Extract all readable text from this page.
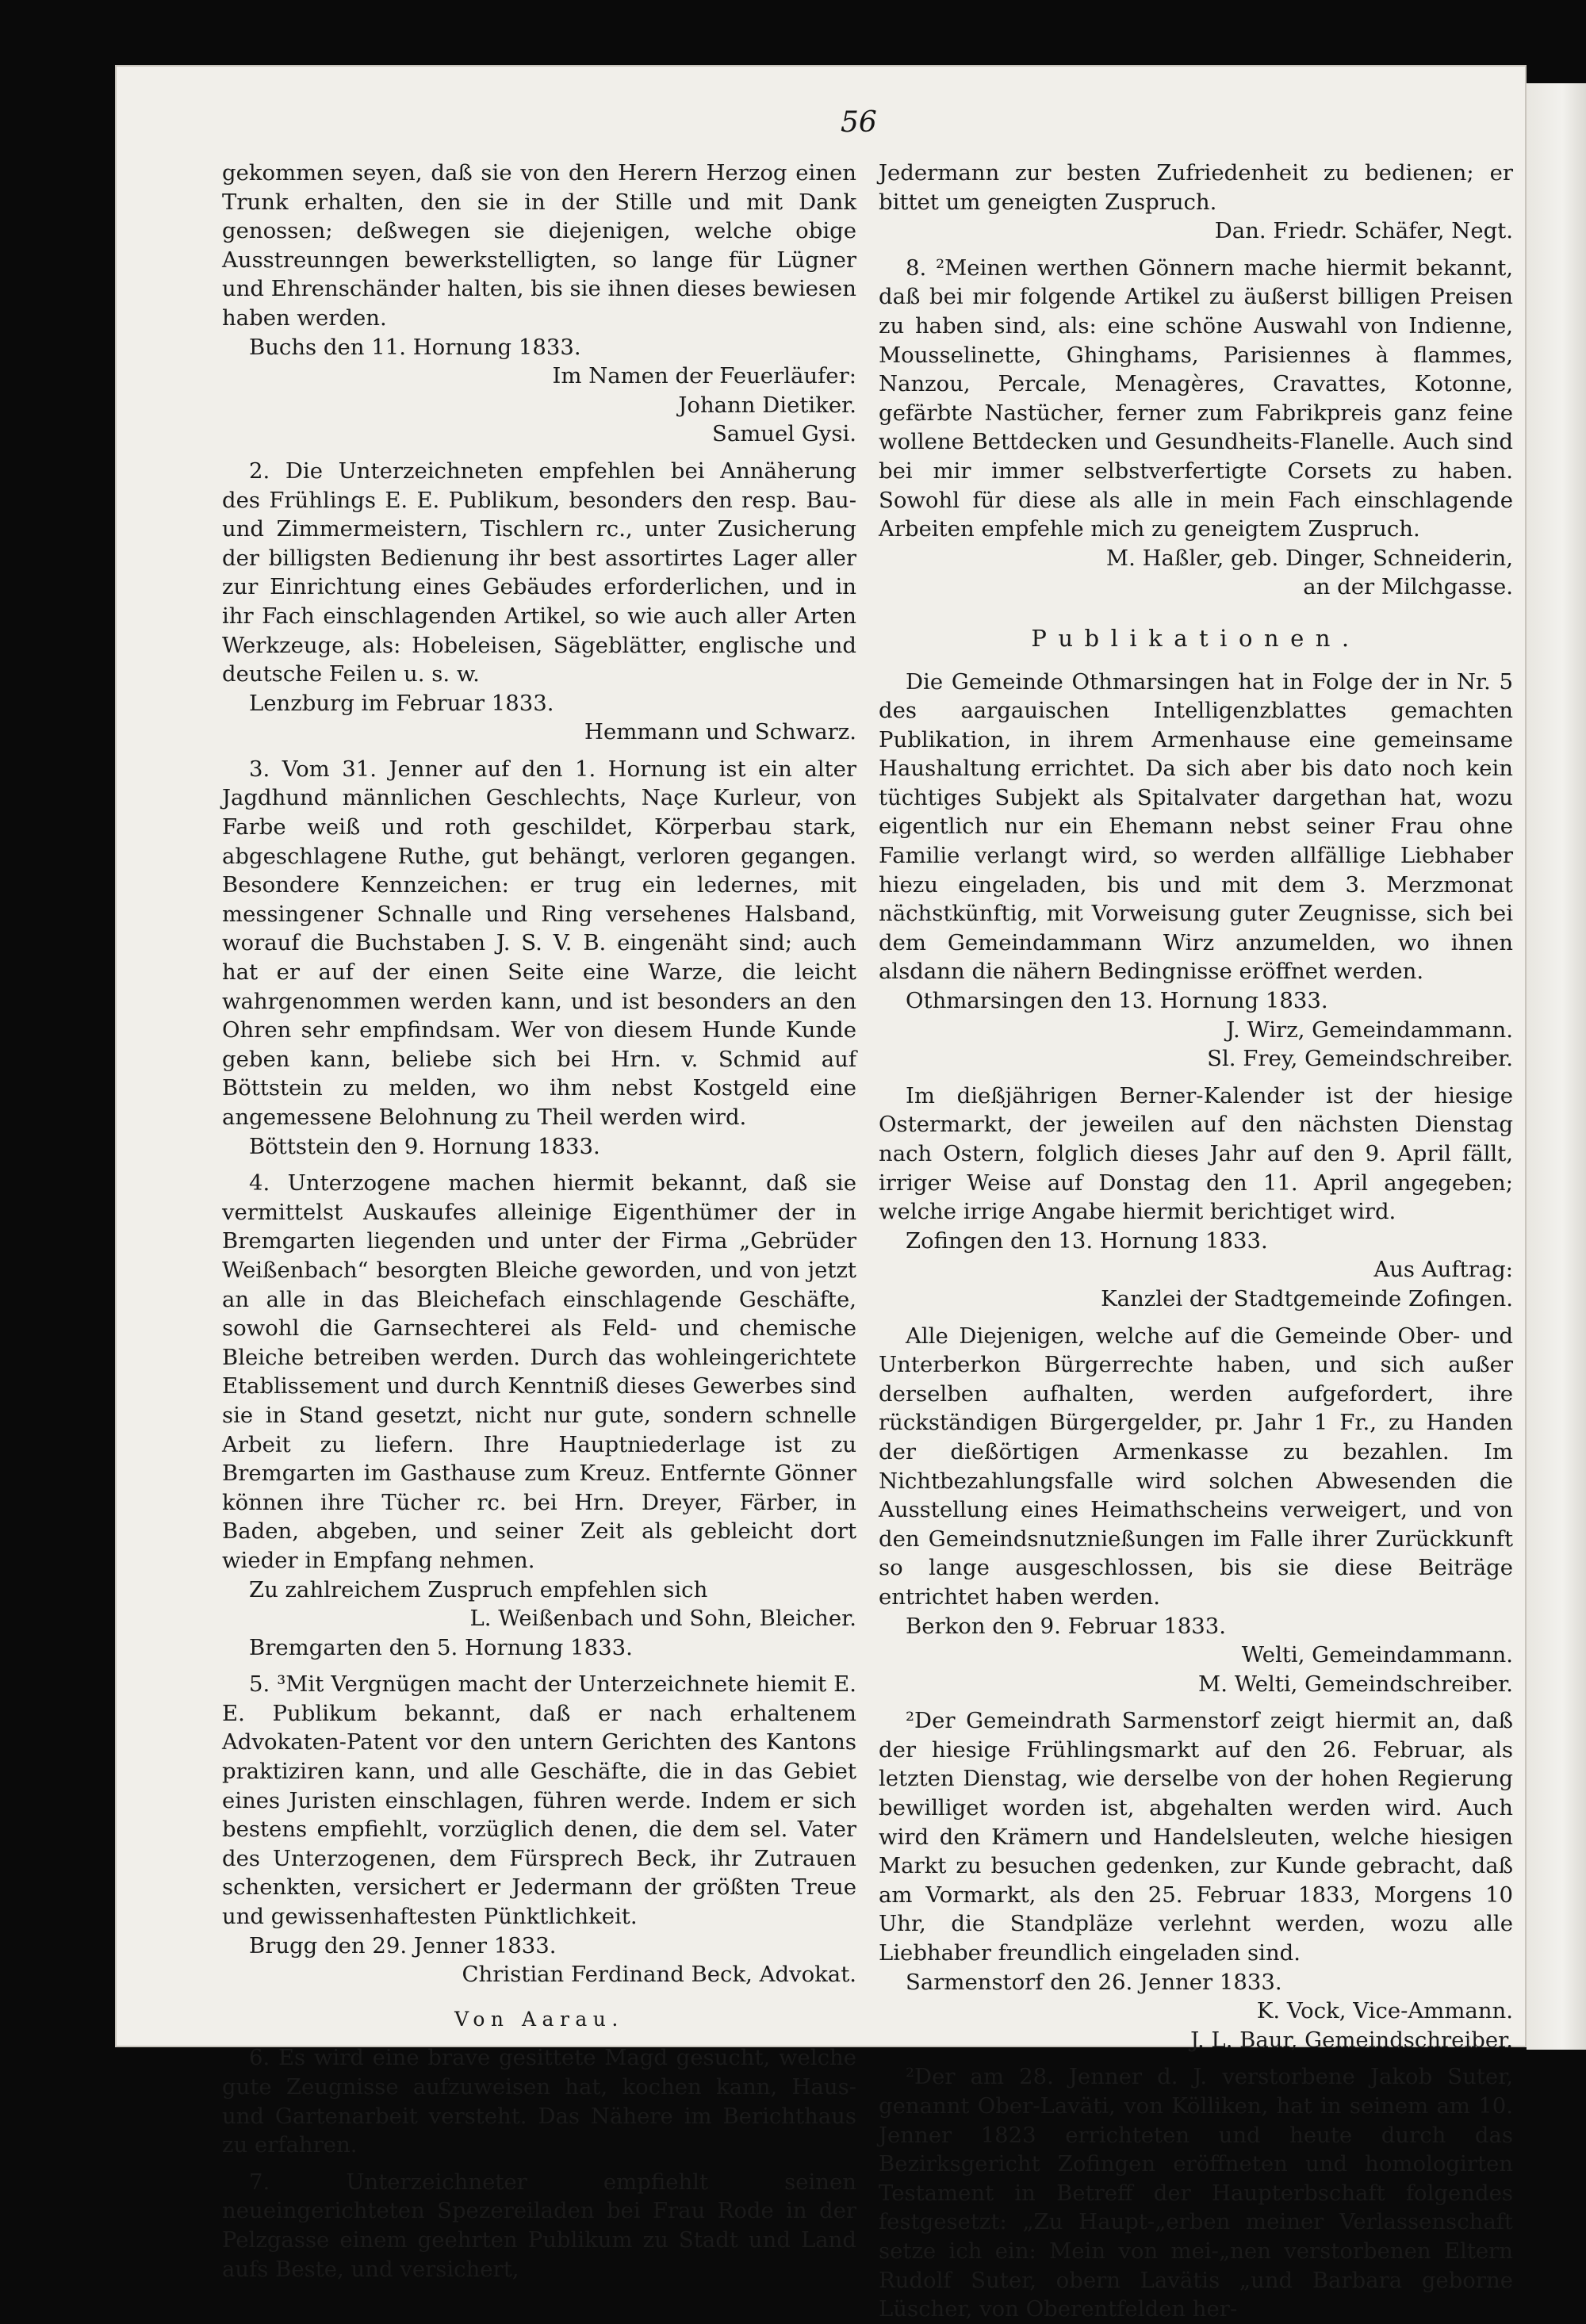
56

gekommen seyen, daß sie von den Herern Herzog einen Trunk erhalten, den sie in der Stille und mit Dank genossen; deßwegen sie diejenigen, welche obige Ausstreunngen bewerkstelligten, so lange für Lügner und Ehrenschänder halten, bis sie ihnen dieses bewiesen haben werden.

Buchs den 11. Hornung 1833.

Im Namen der Feuerläufer:

Johann Dietiker.

Samuel Gysi.

2. Die Unterzeichneten empfehlen bei Annäherung des Frühlings E. E. Publikum, besonders den resp. Bau- und Zimmermeistern, Tischlern rc., unter Zusicherung der billigsten Bedienung ihr best assortirtes Lager aller zur Einrichtung eines Gebäudes erforderlichen, und in ihr Fach einschlagenden Artikel, so wie auch aller Arten Werkzeuge, als: Hobeleisen, Sägeblätter, englische und deutsche Feilen u. s. w.

Lenzburg im Februar 1833.

Hemmann und Schwarz.

3. Vom 31. Jenner auf den 1. Hornung ist ein alter Jagdhund männlichen Geschlechts, Naçe Kurleur, von Farbe weiß und roth geschildet, Körperbau stark, abgeschlagene Ruthe, gut behängt, verloren gegangen. Besondere Kennzeichen: er trug ein ledernes, mit messingener Schnalle und Ring versehenes Halsband, worauf die Buchstaben J. S. V. B. eingenäht sind; auch hat er auf der einen Seite eine Warze, die leicht wahrgenommen werden kann, und ist besonders an den Ohren sehr empfindsam. Wer von diesem Hunde Kunde geben kann, beliebe sich bei Hrn. v. Schmid auf Böttstein zu melden, wo ihm nebst Kostgeld eine angemessene Belohnung zu Theil werden wird.

Böttstein den 9. Hornung 1833.

4. Unterzogene machen hiermit bekannt, daß sie vermittelst Auskaufes alleinige Eigenthümer der in Bremgarten liegenden und unter der Firma „Gebrüder Weißenbach“ besorgten Bleiche geworden, und von jetzt an alle in das Bleichefach einschlagende Geschäfte, sowohl die Garnsechterei als Feld- und chemische Bleiche betreiben werden. Durch das wohleingerichtete Etablissement und durch Kenntniß dieses Gewerbes sind sie in Stand gesetzt, nicht nur gute, sondern schnelle Arbeit zu liefern. Ihre Hauptniederlage ist zu Bremgarten im Gasthause zum Kreuz. Entfernte Gönner können ihre Tücher rc. bei Hrn. Dreyer, Färber, in Baden, abgeben, und seiner Zeit als gebleicht dort wieder in Empfang nehmen.

Zu zahlreichem Zuspruch empfehlen sich

L. Weißenbach und Sohn, Bleicher.

Bremgarten den 5. Hornung 1833.

5. ³Mit Vergnügen macht der Unterzeichnete hiemit E. E. Publikum bekannt, daß er nach erhaltenem Advokaten-Patent vor den untern Gerichten des Kantons praktiziren kann, und alle Geschäfte, die in das Gebiet eines Juristen einschlagen, führen werde. Indem er sich bestens empfiehlt, vorzüglich denen, die dem sel. Vater des Unterzogenen, dem Fürsprech Beck, ihr Zutrauen schenkten, versichert er Jedermann der größten Treue und gewissenhaftesten Pünktlichkeit.

Brugg den 29. Jenner 1833.

Christian Ferdinand Beck, Advokat.

Von Aarau.

6. Es wird eine brave gesittete Magd gesucht, welche gute Zeugnisse aufzuweisen hat, kochen kann, Haus- und Gartenarbeit versteht. Das Nähere im Berichthaus zu erfahren.

7. Unterzeichneter empfiehlt seinen neueingerichteten Spezereiladen bei Frau Rode in der Pelzgasse einem geehrten Publikum zu Stadt und Land aufs Beste, und versichert,

Jedermann zur besten Zufriedenheit zu bedienen; er bittet um geneigten Zuspruch.

Dan. Friedr. Schäfer, Negt.

8. ²Meinen werthen Gönnern mache hiermit bekannt, daß bei mir folgende Artikel zu äußerst billigen Preisen zu haben sind, als: eine schöne Auswahl von Indienne, Mousselinette, Ghinghams, Parisiennes à flammes, Nanzou, Percale, Menagères, Cravattes, Kotonne, gefärbte Nastücher, ferner zum Fabrikpreis ganz feine wollene Bettdecken und Gesundheits-Flanelle. Auch sind bei mir immer selbstverfertigte Corsets zu haben. Sowohl für diese als alle in mein Fach einschlagende Arbeiten empfehle mich zu geneigtem Zuspruch.

M. Haßler, geb. Dinger, Schneiderin,

an der Milchgasse.

Publikationen.

Die Gemeinde Othmarsingen hat in Folge der in Nr. 5 des aargauischen Intelligenzblattes gemachten Publikation, in ihrem Armenhause eine gemeinsame Haushaltung errichtet. Da sich aber bis dato noch kein tüchtiges Subjekt als Spitalvater dargethan hat, wozu eigentlich nur ein Ehemann nebst seiner Frau ohne Familie verlangt wird, so werden allfällige Liebhaber hiezu eingeladen, bis und mit dem 3. Merzmonat nächstkünftig, mit Vorweisung guter Zeugnisse, sich bei dem Gemeindammann Wirz anzumelden, wo ihnen alsdann die nähern Bedingnisse eröffnet werden.

Othmarsingen den 13. Hornung 1833.

J. Wirz, Gemeindammann.

Sl. Frey, Gemeindschreiber.

Im dießjährigen Berner-Kalender ist der hiesige Ostermarkt, der jeweilen auf den nächsten Dienstag nach Ostern, folglich dieses Jahr auf den 9. April fällt, irriger Weise auf Donstag den 11. April angegeben; welche irrige Angabe hiermit berichtiget wird.

Zofingen den 13. Hornung 1833.

Aus Auftrag:

Kanzlei der Stadtgemeinde Zofingen.

Alle Diejenigen, welche auf die Gemeinde Ober- und Unterberkon Bürgerrechte haben, und sich außer derselben aufhalten, werden aufgefordert, ihre rückständigen Bürgergelder, pr. Jahr 1 Fr., zu Handen der dießörtigen Armenkasse zu bezahlen. Im Nichtbezahlungsfalle wird solchen Abwesenden die Ausstellung eines Heimathscheins verweigert, und von den Gemeindsnutznießungen im Falle ihrer Zurückkunft so lange ausgeschlossen, bis sie diese Beiträge entrichtet haben werden.

Berkon den 9. Februar 1833.

Welti, Gemeindammann.

M. Welti, Gemeindschreiber.

²Der Gemeindrath Sarmenstorf zeigt hiermit an, daß der hiesige Frühlingsmarkt auf den 26. Februar, als letzten Dienstag, wie derselbe von der hohen Regierung bewilliget worden ist, abgehalten werden wird. Auch wird den Krämern und Handelsleuten, welche hiesigen Markt zu besuchen gedenken, zur Kunde gebracht, daß am Vormarkt, als den 25. Februar 1833, Morgens 10 Uhr, die Standpläze verlehnt werden, wozu alle Liebhaber freundlich eingeladen sind.

Sarmenstorf den 26. Jenner 1833.

K. Vock, Vice-Ammann.

J. L. Baur, Gemeindschreiber.

²Der am 28. Jenner d. J. verstorbene Jakob Suter, genannt Ober-Laväti, von Kölliken, hat in seinem am 10. Jenner 1823 errichteten und heute durch das Bezirksgericht Zofingen eröffneten und homologirten Testament in Betreff der Haupterbschaft folgendes festgesetzt: „Zu Haupt-„erben meiner Verlassenschaft setze ich ein: Mein von mei-„nen verstorbenen Eltern Rudolf Suter, obern Lavätis „und Barbara geborne Lüscher, von Oberentfelden her-
